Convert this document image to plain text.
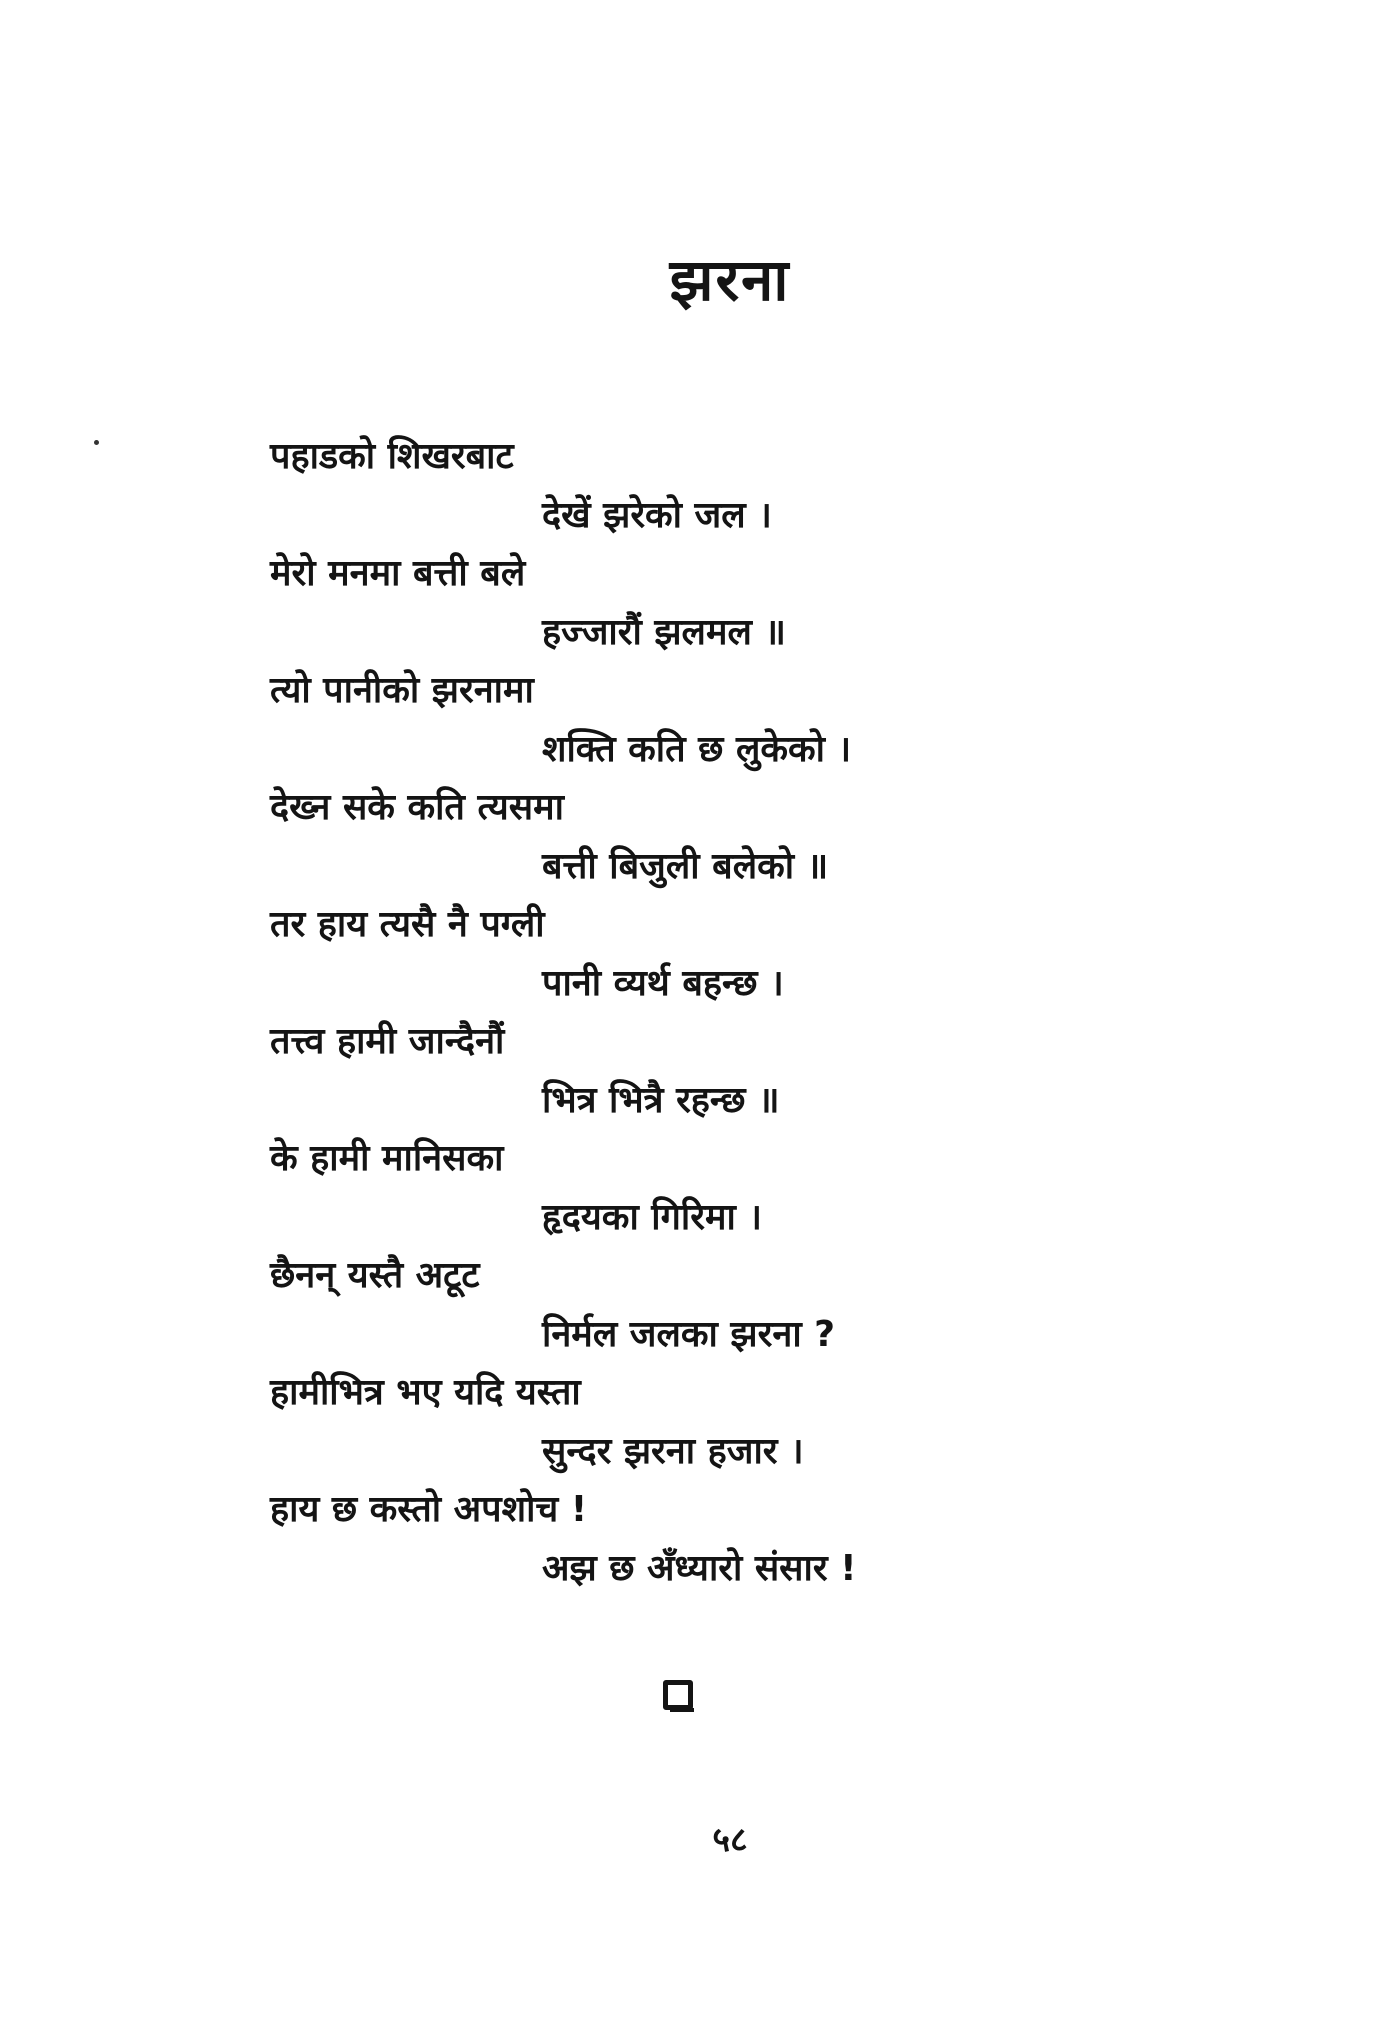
झरना
पहाडको शिखरबाट
देखें झरेको जल ।
मेरो मनमा बत्ती बले
हज्जारौं झलमल ॥
त्यो पानीको झरनामा
शक्ति कति छ लुकेको ।
देख्न सके कति त्यसमा
बत्ती बिजुली बलेको ॥
तर हाय त्यसै नै पग्ली
पानी व्यर्थ बहन्छ ।
तत्त्व हामी जान्दैनौं
भित्र भित्रै रहन्छ ॥
के हामी मानिसका
हृदयका गिरिमा ।
छैनन् यस्तै अटूट
निर्मल जलका झरना ?
हामीभित्र भए यदि यस्ता
सुन्दर झरना हजार ।
हाय छ कस्तो अपशोच !
अझ छ अँध्यारो संसार !
५८
